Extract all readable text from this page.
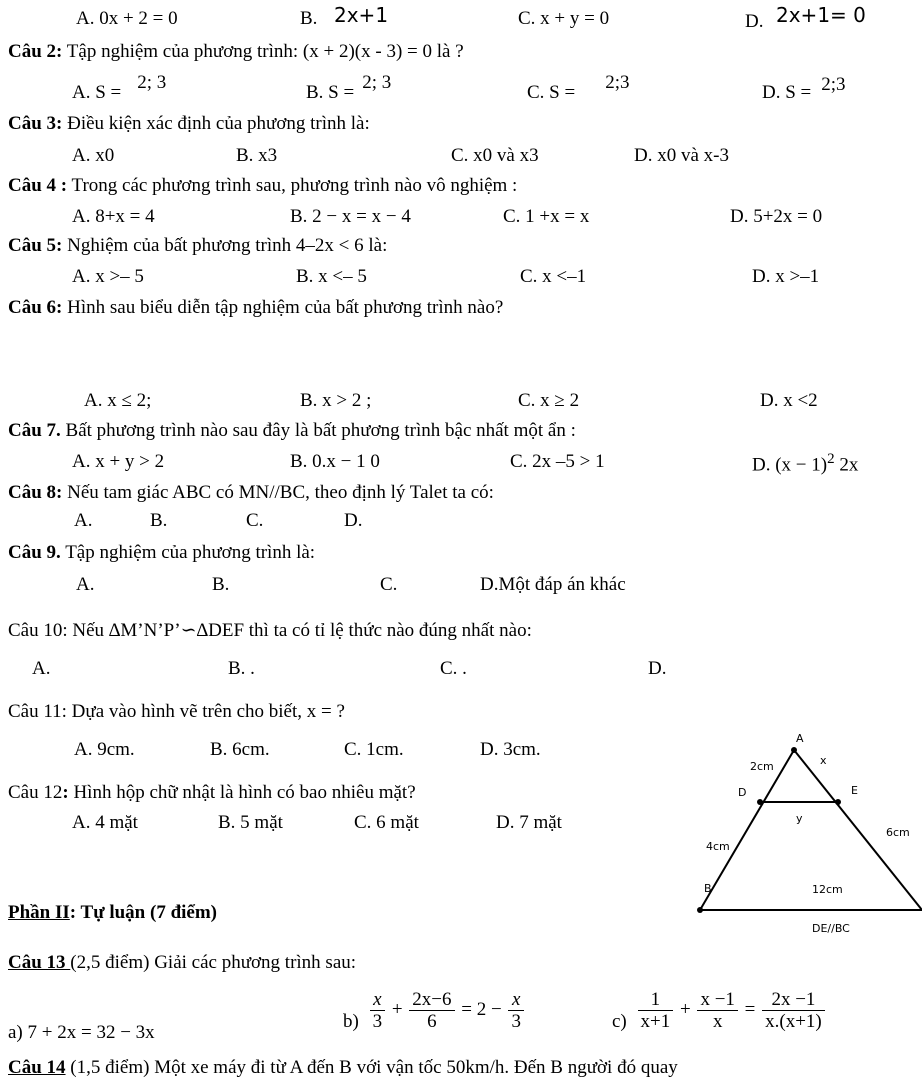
A. 0x + 2 = 0	B. 2x+1	C. x + y = 0	D. 2x+1= 0
Câu 2: Tập nghiệm của phương trình: (x + 2)(x - 3) = 0 là ?
A. S = 2; 3	B. S = 2; 3	C. S = 2;3	D. S = 2;3
Câu 3: Điều kiện xác định của phương trình là:
A. x0	B. x3	C. x0 và x3	D. x0 và x-3
Câu 4 : Trong các phương trình sau, phương trình nào vô nghiệm :
A. 8+x = 4	B. 2 − x = x − 4	C. 1 +x = x	D. 5+2x = 0
Câu 5: Nghiệm của bất phương trình 4–2x < 6 là:
A. x >– 5	B. x <– 5	C. x <–1	D. x >–1
Câu 6: Hình sau biểu diễn tập nghiệm của bất phương trình nào?
A. x ≤ 2;	B. x > 2 ;	C. x ≥ 2	D. x <2
Câu 7. Bất phương trình nào sau đây là bất phương trình bậc nhất một ẩn :
A. x + y > 2	B. 0.x − 1 0	C. 2x –5 > 1	D. $(x - 1)^2$ 2x
Câu 8: Nếu tam giác ABC có MN//BC, theo định lý Talet ta có:
A.	B.	C.	D.
Câu 9. Tập nghiệm của phương trình là:
A.	B.	C.	D.Một đáp án khác
Câu 10: Nếu ∆M’N’P’∽∆DEF thì ta có tỉ lệ thức nào đúng nhất nào:
A.	B. .	C. .	D.
Câu 11: Dựa vào hình vẽ trên cho biết, x = ?
A. 9cm.	B. 6cm.	C. 1cm.	D. 3cm.
Câu 12: Hình hộp chữ nhật là hình có bao nhiêu mặt?
A. 4 mặt	B. 5 mặt	C. 6 mặt	D. 7 mặt
A
D	E
B
2cm	x
y
4cm
6cm
12cm
DE//BC
Phần II: Tự luận (7 điểm)
Câu 13 (2,5 điểm) Giải các phương trình sau:
a) 7 + 2x = 32 − 3x
$b) \frac{x}{3} + \frac{2x-6}{6} = 2 - \frac{x}{3}$	$c) \frac{1}{x+1} + \frac{x -1}{x} = \frac{2x -1}{x.(x+1)}$
Câu 14 (1,5 điểm) Một xe máy đi từ A đến B với vận tốc 50km/h. Đến B người đó quay
